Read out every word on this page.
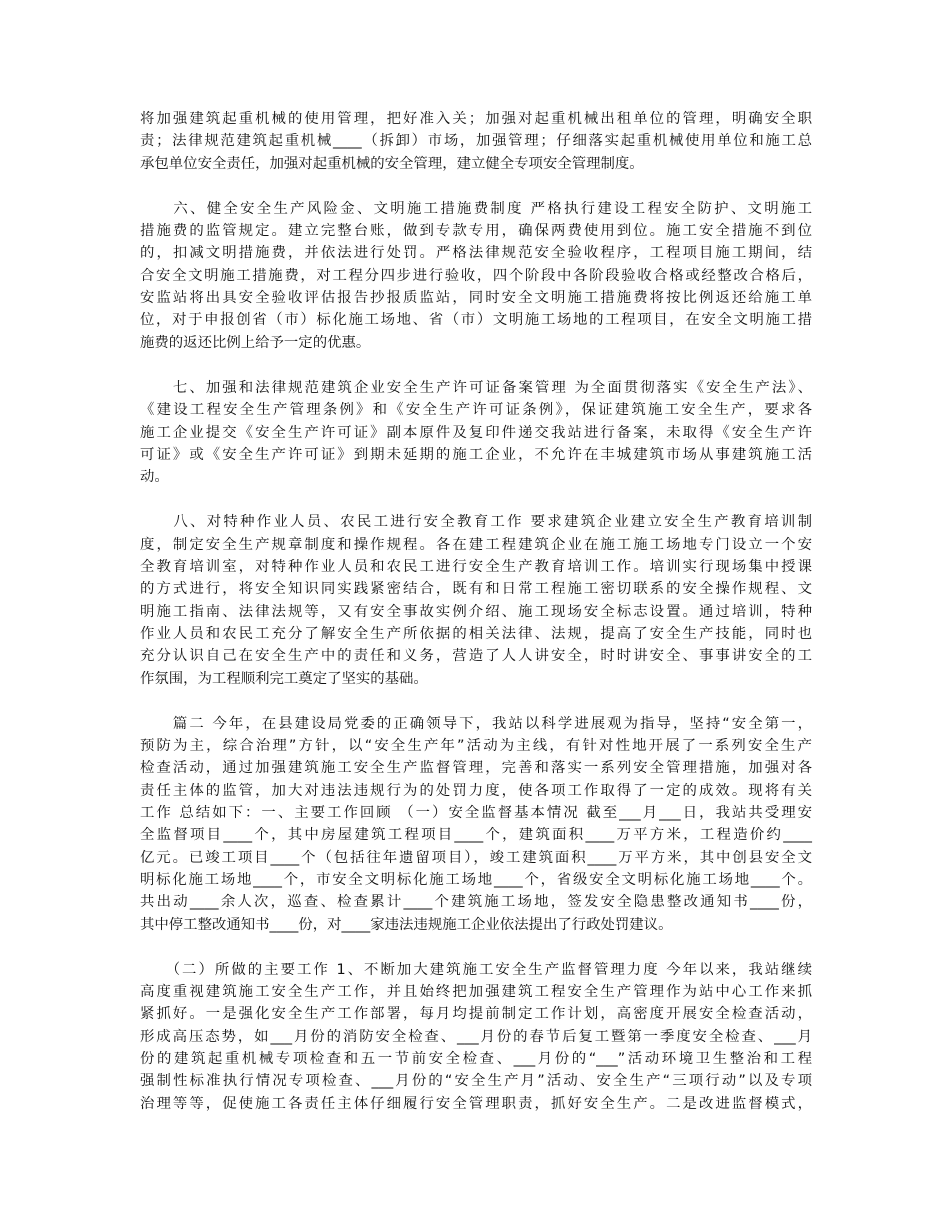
将加强建筑起重机械的使用管理，把好准入关；加强对起重机械出租单位的管理，明确安全职
责；法律规范建筑起重机械____（拆卸）市场，加强管理；仔细落实起重机械使用单位和施工总
承包单位安全责任，加强对起重机械的安全管理，建立健全专项安全管理制度。
　　六、健全安全生产风险金、文明施工措施费制度 严格执行建设工程安全防护、文明施工
措施费的监管规定。建立完整台账，做到专款专用，确保两费使用到位。施工安全措施不到位
的，扣减文明措施费，并依法进行处罚。严格法律规范安全验收程序，工程项目施工期间，结
合安全文明施工措施费，对工程分四步进行验收，四个阶段中各阶段验收合格或经整改合格后，
安监站将出具安全验收评估报告抄报质监站，同时安全文明施工措施费将按比例返还给施工单
位，对于申报创省（市）标化施工场地、省（市）文明施工场地的工程项目，在安全文明施工措
施费的返还比例上给予一定的优惠。
　　七、加强和法律规范建筑企业安全生产许可证备案管理 为全面贯彻落实《安全生产法》、
《建设工程安全生产管理条例》和《安全生产许可证条例》，保证建筑施工安全生产，要求各
施工企业提交《安全生产许可证》副本原件及复印件递交我站进行备案，未取得《安全生产许
可证》或《安全生产许可证》到期未延期的施工企业，不允许在丰城建筑市场从事建筑施工活
动。
　　八、对特种作业人员、农民工进行安全教育工作 要求建筑企业建立安全生产教育培训制
度，制定安全生产规章制度和操作规程。各在建工程建筑企业在施工施工场地专门设立一个安
全教育培训室，对特种作业人员和农民工进行安全生产教育培训工作。培训实行现场集中授课
的方式进行，将安全知识同实践紧密结合，既有和日常工程施工密切联系的安全操作规程、文
明施工指南、法律法规等，又有安全事故实例介绍、施工现场安全标志设置。通过培训，特种
作业人员和农民工充分了解安全生产所依据的相关法律、法规，提高了安全生产技能，同时也
充分认识自己在安全生产中的责任和义务，营造了人人讲安全，时时讲安全、事事讲安全的工
作氛围，为工程顺利完工奠定了坚实的基础。
　　篇二 今年，在县建设局党委的正确领导下，我站以科学进展观为指导，坚持“安全第一，
预防为主，综合治理”方针，以“安全生产年”活动为主线，有针对性地开展了一系列安全生产
检查活动，通过加强建筑施工安全生产监督管理，完善和落实一系列安全管理措施，加强对各
责任主体的监管，加大对违法违规行为的处罚力度，使各项工作取得了一定的成效。现将有关
工作 总结如下：一、主要工作回顾 （一）安全监督基本情况 截至___月___日，我站共受理安
全监督项目____个，其中房屋建筑工程项目____个，建筑面积____万平方米，工程造价约____
亿元。已竣工项目____个（包括往年遗留项目），竣工建筑面积____万平方米，其中创县安全文
明标化施工场地____个，市安全文明标化施工场地____个，省级安全文明标化施工场地____个。
共出动____余人次，巡查、检查累计____个建筑施工场地，签发安全隐患整改通知书____份，
其中停工整改通知书____份，对____家违法违规施工企业依法提出了行政处罚建议。
　　（二）所做的主要工作 1、不断加大建筑施工安全生产监督管理力度 今年以来，我站继续
高度重视建筑施工安全生产工作，并且始终把加强建筑工程安全生产管理作为站中心工作来抓
紧抓好。一是强化安全生产工作部署，每月均提前制定工作计划，高密度开展安全检查活动，
形成高压态势，如___月份的消防安全检查、___月份的春节后复工暨第一季度安全检查、___月
份的建筑起重机械专项检查和五一节前安全检查、___月份的“___”活动环境卫生整治和工程
强制性标准执行情况专项检查、___月份的“安全生产月”活动、安全生产“三项行动”以及专项
治理等等，促使施工各责任主体仔细履行安全管理职责，抓好安全生产。二是改进监督模式，
